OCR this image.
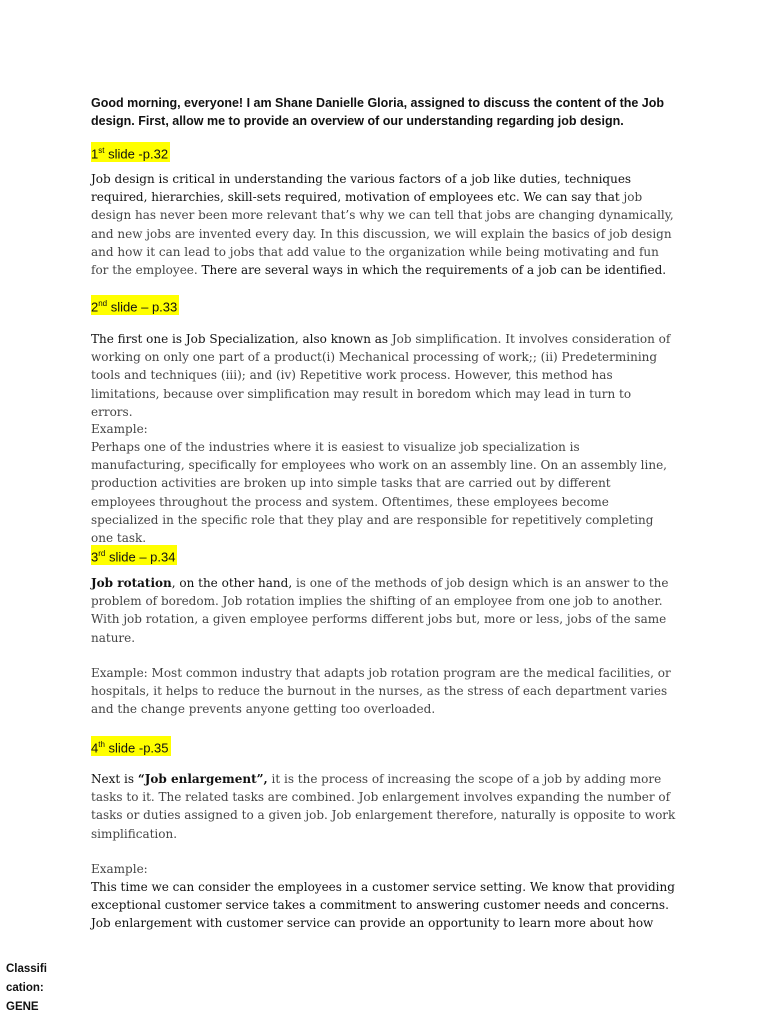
Good morning, everyone! I am Shane Danielle Gloria, assigned to discuss the content of the Job design. First, allow me to provide an overview of our understanding regarding job design.
1st slide -p.32
Job design is critical in understanding the various factors of a job like duties, techniques required, hierarchies, skill-sets required, motivation of employees etc. We can say that job design has never been more relevant that’s why we can tell that jobs are changing dynamically, and new jobs are invented every day. In this discussion, we will explain the basics of job design and how it can lead to jobs that add value to the organization while being motivating and fun for the employee. There are several ways in which the requirements of a job can be identified.
2nd slide – p.33
The first one is Job Specialization, also known as Job simplification. It involves consideration of working on only one part of a product(i) Mechanical processing of work;; (ii) Predetermining tools and techniques (iii); and (iv) Repetitive work process. However, this method has limitations, because over simplification may result in boredom which may lead in turn to errors.
Example:
Perhaps one of the industries where it is easiest to visualize job specialization is manufacturing, specifically for employees who work on an assembly line. On an assembly line, production activities are broken up into simple tasks that are carried out by different employees throughout the process and system. Oftentimes, these employees become specialized in the specific role that they play and are responsible for repetitively completing one task.
3rd slide – p.34
Job rotation, on the other hand, is one of the methods of job design which is an answer to the problem of boredom. Job rotation implies the shifting of an employee from one job to another. With job rotation, a given employee performs different jobs but, more or less, jobs of the same nature.
Example: Most common industry that adapts job rotation program are the medical facilities, or hospitals, it helps to reduce the burnout in the nurses, as the stress of each department varies and the change prevents anyone getting too overloaded.
4th slide -p.35
Next is “Job enlargement”, it is the process of increasing the scope of a job by adding more tasks to it. The related tasks are combined. Job enlargement involves expanding the number of tasks or duties assigned to a given job. Job enlargement therefore, naturally is opposite to work simplification.
Example:
This time we can consider the employees in a customer service setting. We know that providing exceptional customer service takes a commitment to answering customer needs and concerns. Job enlargement with customer service can provide an opportunity to learn more about how
Classification: GENE
